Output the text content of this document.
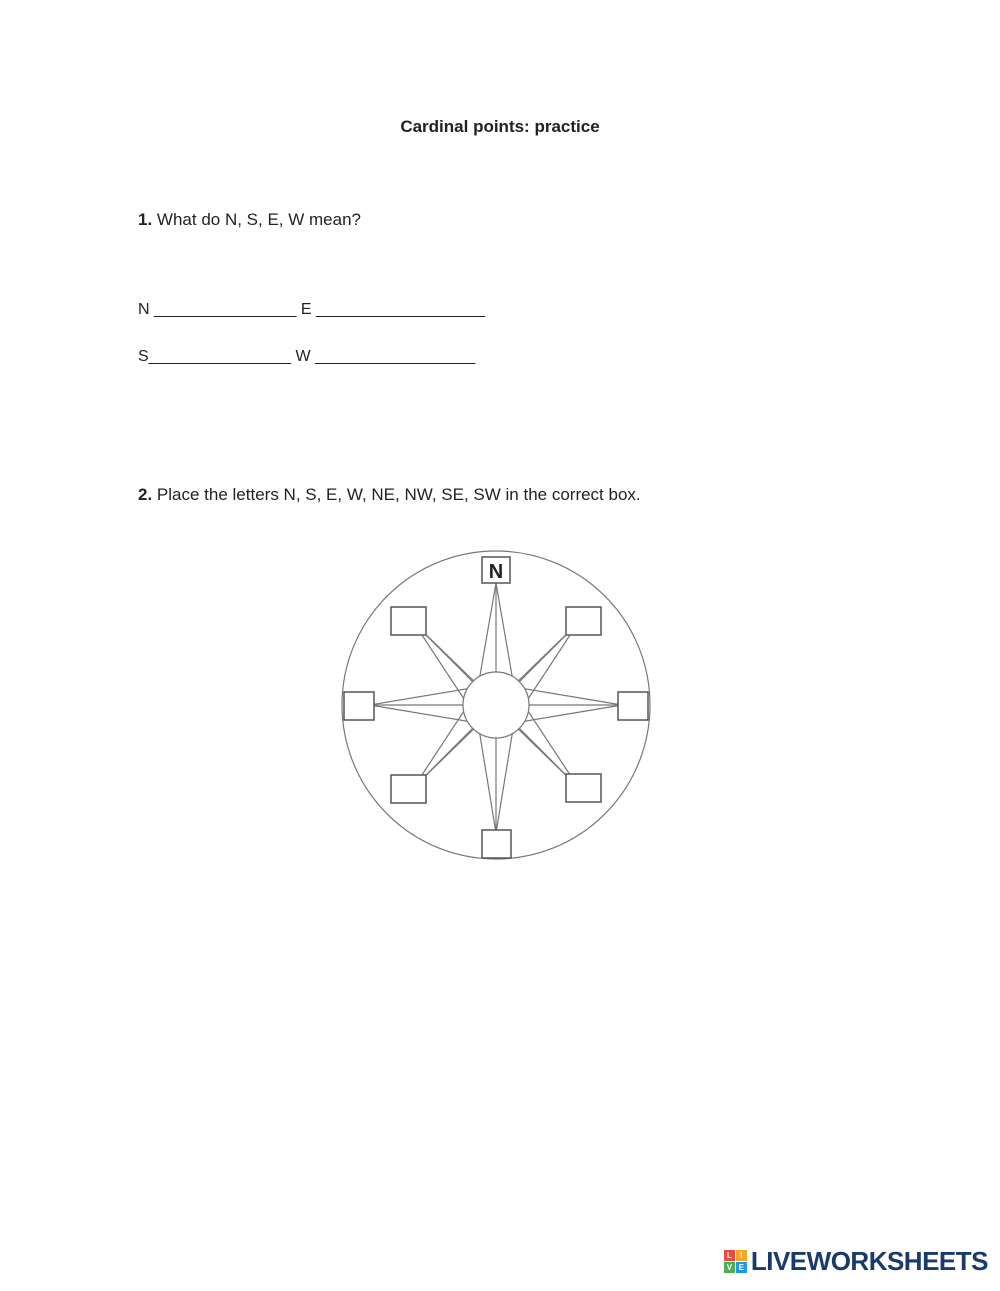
Cardinal points: practice
1. What do N, S, E, W mean?
N ________________ E ___________________
S________________ W __________________
2. Place the letters N, S, E, W, NE, NW, SE, SW in the correct box.
N
L	I
V E LIVEWORKSHEETS
